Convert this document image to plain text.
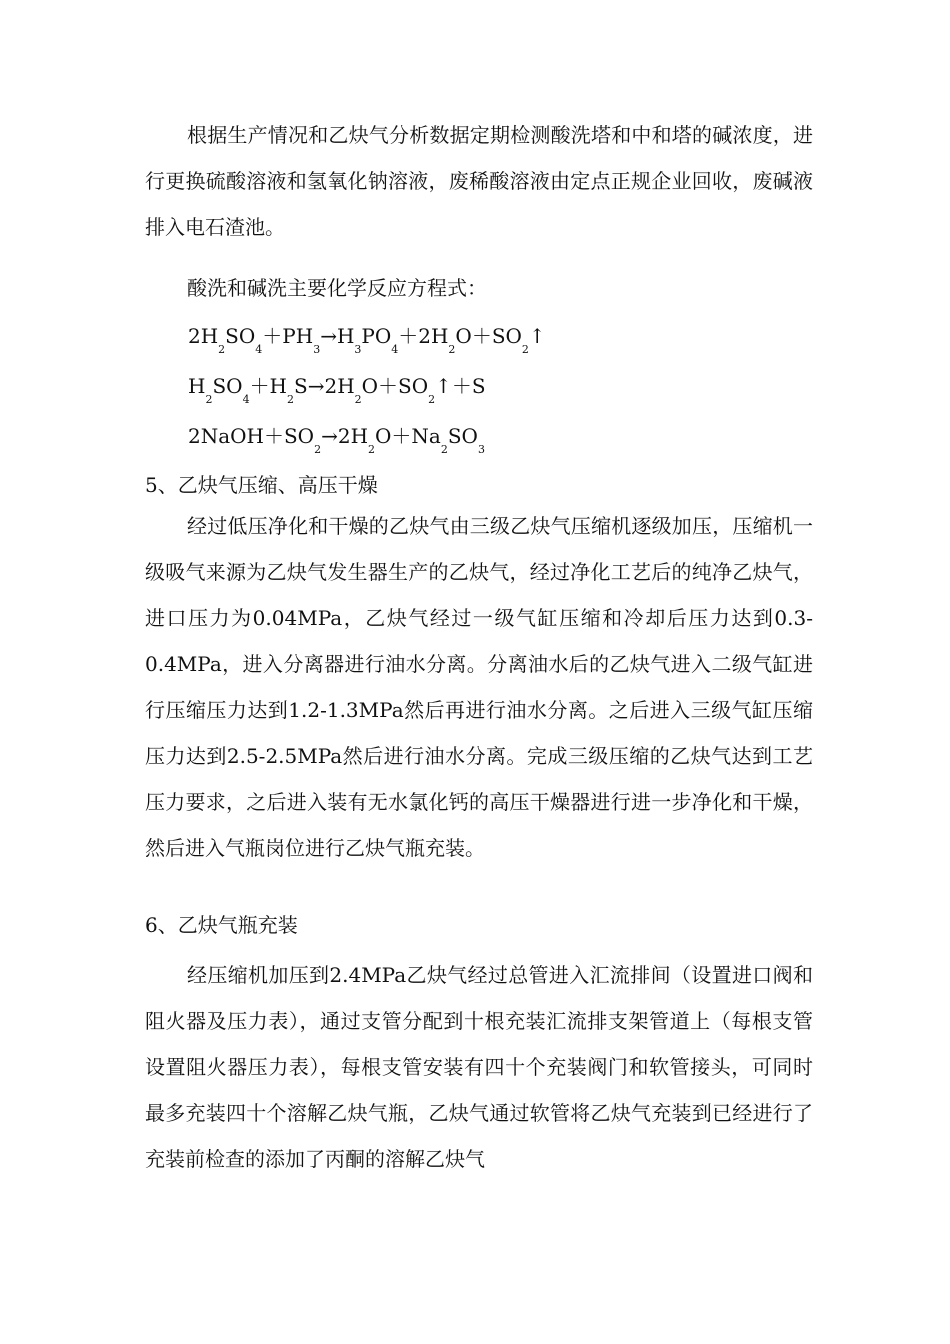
根据生产情况和乙炔气分析数据定期检测酸洗塔和中和塔的碱浓度，进行更换硫酸溶液和氢氧化钠溶液，废稀酸溶液由定点正规企业回收，废碱液排入电石渣池。

酸洗和碱洗主要化学反应方程式：

$2H_2SO_4+PH_3\to H_3PO_4+2H_2O+SO_2↑$
$H_2SO_4+H_2S\to 2H_2O+SO_2↑+S$
$2NaOH+SO_2\to 2H_2O+Na_2SO_3$

5、乙炔气压缩、高压干燥

经过低压净化和干燥的乙炔气由三级乙炔气压缩机逐级加压，压缩机一级吸气来源为乙炔气发生器生产的乙炔气，经过净化工艺后的纯净乙炔气，进口压力为0.04MPa，乙炔气经过一级气缸压缩和冷却后压力达到0.3-0.4MPa，进入分离器进行油水分离。分离油水后的乙炔气进入二级气缸进行压缩压力达到1.2-1.3MPa然后再进行油水分离。之后进入三级气缸压缩压力达到2.5-2.5MPa然后进行油水分离。完成三级压缩的乙炔气达到工艺压力要求，之后进入装有无水氯化钙的高压干燥器进行进一步净化和干燥，然后进入气瓶岗位进行乙炔气瓶充装。

6、乙炔气瓶充装

经压缩机加压到2.4MPa乙炔气经过总管进入汇流排间（设置进口阀和阻火器及压力表），通过支管分配到十根充装汇流排支架管道上（每根支管设置阻火器压力表），每根支管安装有四十个充装阀门和软管接头，可同时最多充装四十个溶解乙炔气瓶，乙炔气通过软管将乙炔气充装到已经进行了充装前检查的添加了丙酮的溶解乙炔气
